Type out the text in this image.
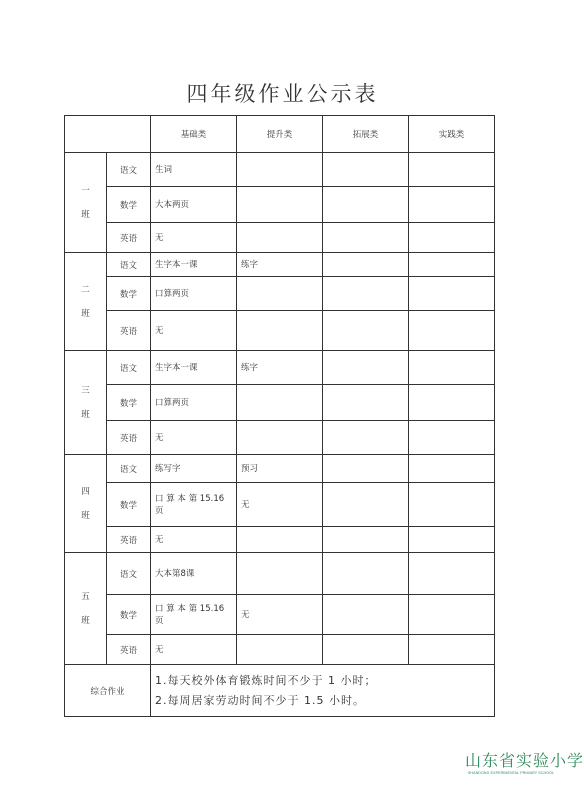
四年级作业公示表
		基础类	提升类	拓展类	实践类

一
班	语文	生词			
	数学	大本两页			
	英语	无			

二
班	语文	生字本一课	练字		
	数学	口算两页			
	英语	无			

三
班	语文	生字本一课	练字		
	数学	口算两页			
	英语	无			

四
班	语文	练写字	预习		
	数学	口 算 本 第 15.16 页	无		
	英语	无			

五
班	语文	大本第8课			
	数学	口 算 本 第 15.16 页	无		
	英语	无			
综合作业		1.每天校外体育锻炼时间不少于 1 小时；
2.每周居家劳动时间不少于 1.5 小时。			
山东省实验小学
SHANDONG EXPERIMENTAL PRIMARY SCHOOL
